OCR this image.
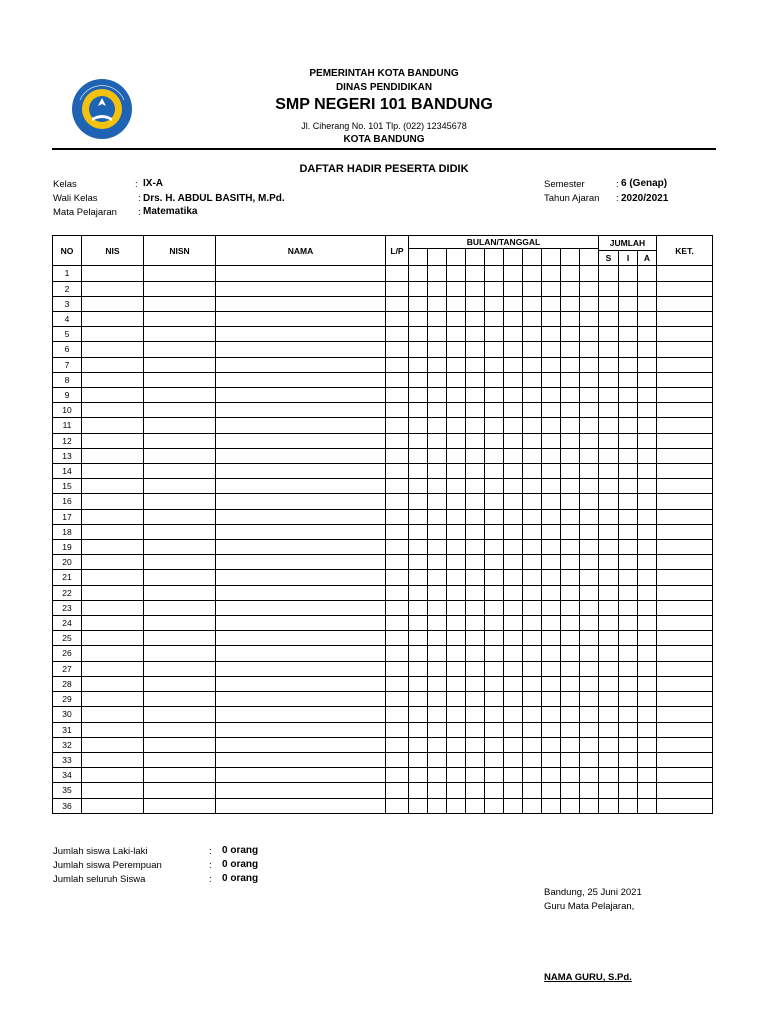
PEMERINTAH KOTA BANDUNG
DINAS PENDIDIKAN
SMP NEGERI 101 BANDUNG
Jl. Ciherang No. 101 Tlp. (022) 12345678
KOTA BANDUNG
DAFTAR HADIR PESERTA DIDIK
Kelas	: IX-A
Wali Kelas	: Drs. H. ABDUL BASITH, M.Pd.
Mata Pelajaran : Matematika
Semester	: 6 (Genap)
Tahun Ajaran : 2020/2021
NO	NIS	NISN	NAMA	L/P	BULAN/TANGGAL										JUMLAH			KET.

															S	I	A	
1																		
2																		
3																		
4																		
5																		
6																		
7																		
8																		
9																		
10																		
11																		
12																		
13																		
14																		
15																		
16																		
17																		
18																		
19																		
20																		
21																		
22																		
23																		
24																		
25																		
26																		
27																		
28																		
29																		
30																		
31																		
32																		
33																		
34																		
35																		
36																		
Jumlah siswa Laki-laki	: 0 orang
Jumlah siswa Perempuan	: 0 orang
Jumlah seluruh Siswa	: 0 orang
Bandung, 25 Juni 2021
Guru Mata Pelajaran,
NAMA GURU, S.Pd.
